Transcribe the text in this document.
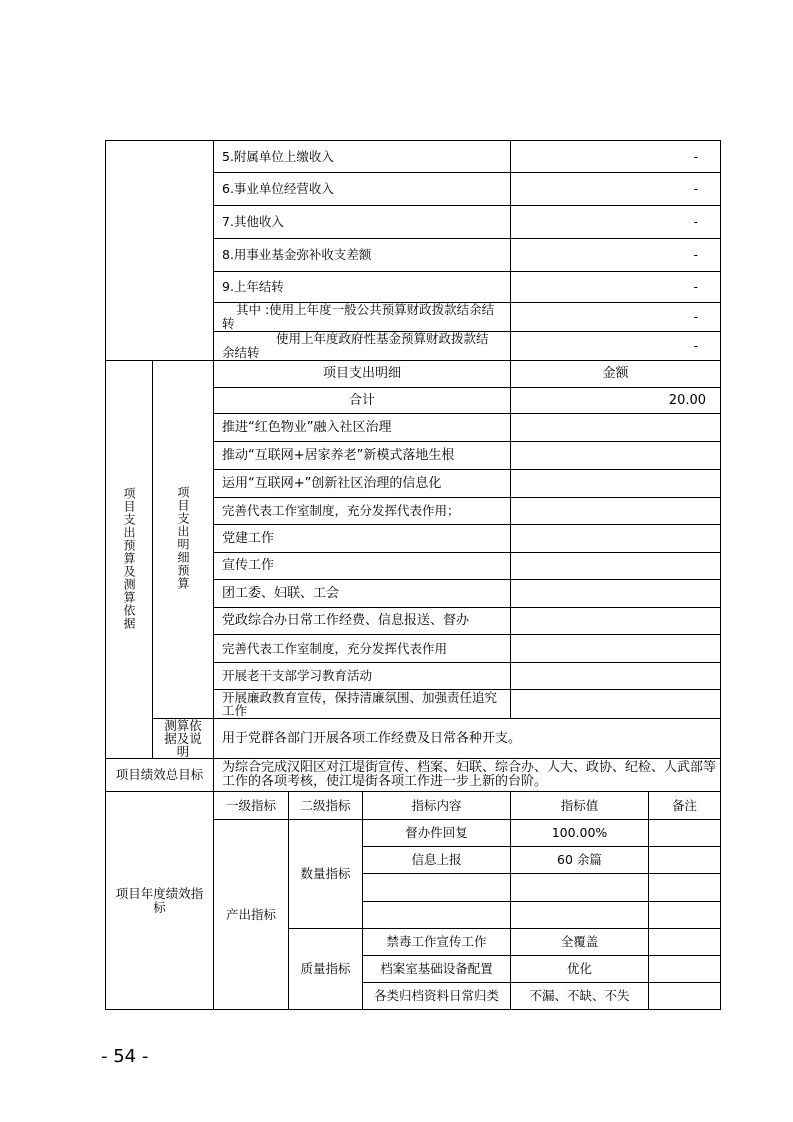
		5.附属单位上缴收入			-	
		6.事业单位经营收入			-	
		7.其他收入			-	
		8.用事业基金弥补收支差额			-	
		9.上年结转			-	
		其中 :使用上年度一般公共预算财政拨款结余结
转			-	
		使用上年度政府性基金预算财政拨款结
余结转			-	
项目支出预算及测算依据	项目支出明细预算	项目支出明细			金额	
		合计			20.00	
		推进“红色物业”融入社区治理				
		推动“互联网+居家养老”新模式落地生根				
		运用“互联网+”创新社区治理的信息化				
		完善代表工作室制度，充分发挥代表作用；				
		党建工作				
		宣传工作				
		团工委、妇联、工会				
		党政综合办日常工作经费、信息报送、督办				
		完善代表工作室制度，充分发挥代表作用				
		开展老干支部学习教育活动				
		开展廉政教育宣传，保持清廉氛围、加强责任追究
工作				
	测算依
据及说
明	用于党群各部门开展各项工作经费及日常各种开支。				
项目绩效总目标		为综合完成汉阳区对江堤街宣传、档案、妇联、综合办、人大、政协、纪检、人武部等
工作的各项考核，使江堤街各项工作进一步上新的台阶。				
项目年度绩效指
标		一级指标	二级指标	指标内容	指标值	备注
		产出指标	数量指标	督办件回复	100.00%	
				信息上报	60 余篇	

			质量指标	禁毒工作宣传工作	全覆盖	
				档案室基础设备配置	优化	
				各类归档资料日常归类	不漏、不缺、不失	
- 54 -
